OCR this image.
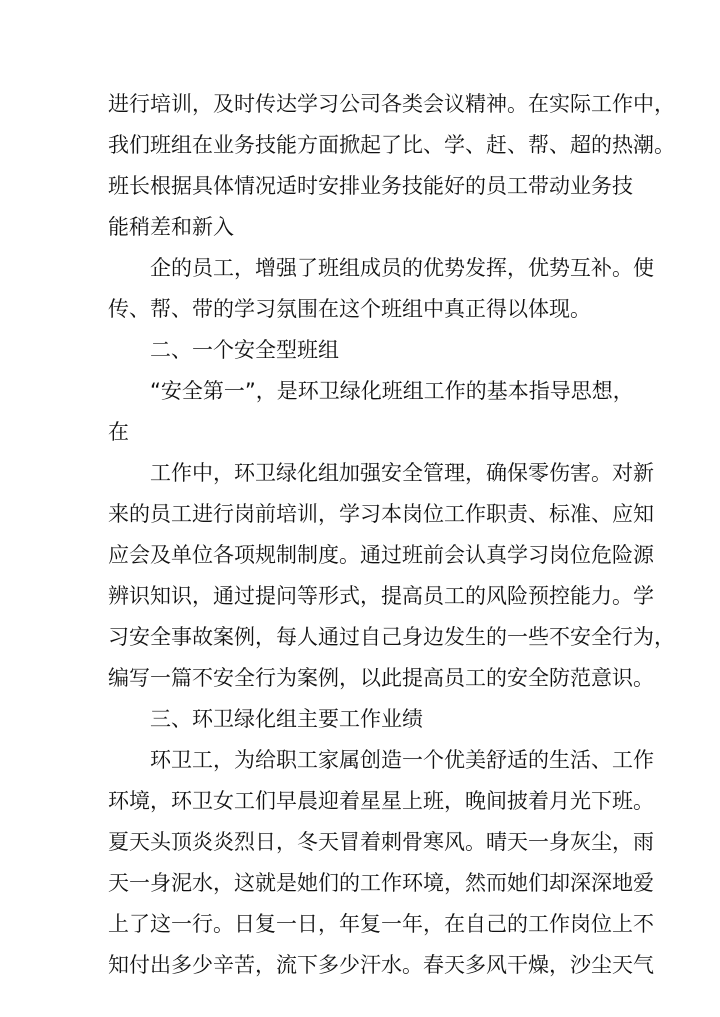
进行培训，及时传达学习公司各类会议精神。在实际工作中，
我们班组在业务技能方面掀起了比、学、赶、帮、超的热潮。
班长根据具体情况适时安排业务技能好的员工带动业务技
能稍差和新入
企的员工，增强了班组成员的优势发挥，优势互补。使
传、帮、带的学习氛围在这个班组中真正得以体现。
二、一个安全型班组
“安全第一”，是环卫绿化班组工作的基本指导思想，
在
工作中，环卫绿化组加强安全管理，确保零伤害。对新
来的员工进行岗前培训，学习本岗位工作职责、标准、应知
应会及单位各项规制制度。通过班前会认真学习岗位危险源
辨识知识，通过提问等形式，提高员工的风险预控能力。学
习安全事故案例，每人通过自己身边发生的一些不安全行为，
编写一篇不安全行为案例，以此提高员工的安全防范意识。
三、环卫绿化组主要工作业绩
环卫工，为给职工家属创造一个优美舒适的生活、工作
环境，环卫女工们早晨迎着星星上班，晚间披着月光下班。
夏天头顶炎炎烈日，冬天冒着刺骨寒风。晴天一身灰尘，雨
天一身泥水，这就是她们的工作环境，然而她们却深深地爱
上了这一行。日复一日，年复一年，在自己的工作岗位上不
知付出多少辛苦，流下多少汗水。春天多风干燥，沙尘天气
